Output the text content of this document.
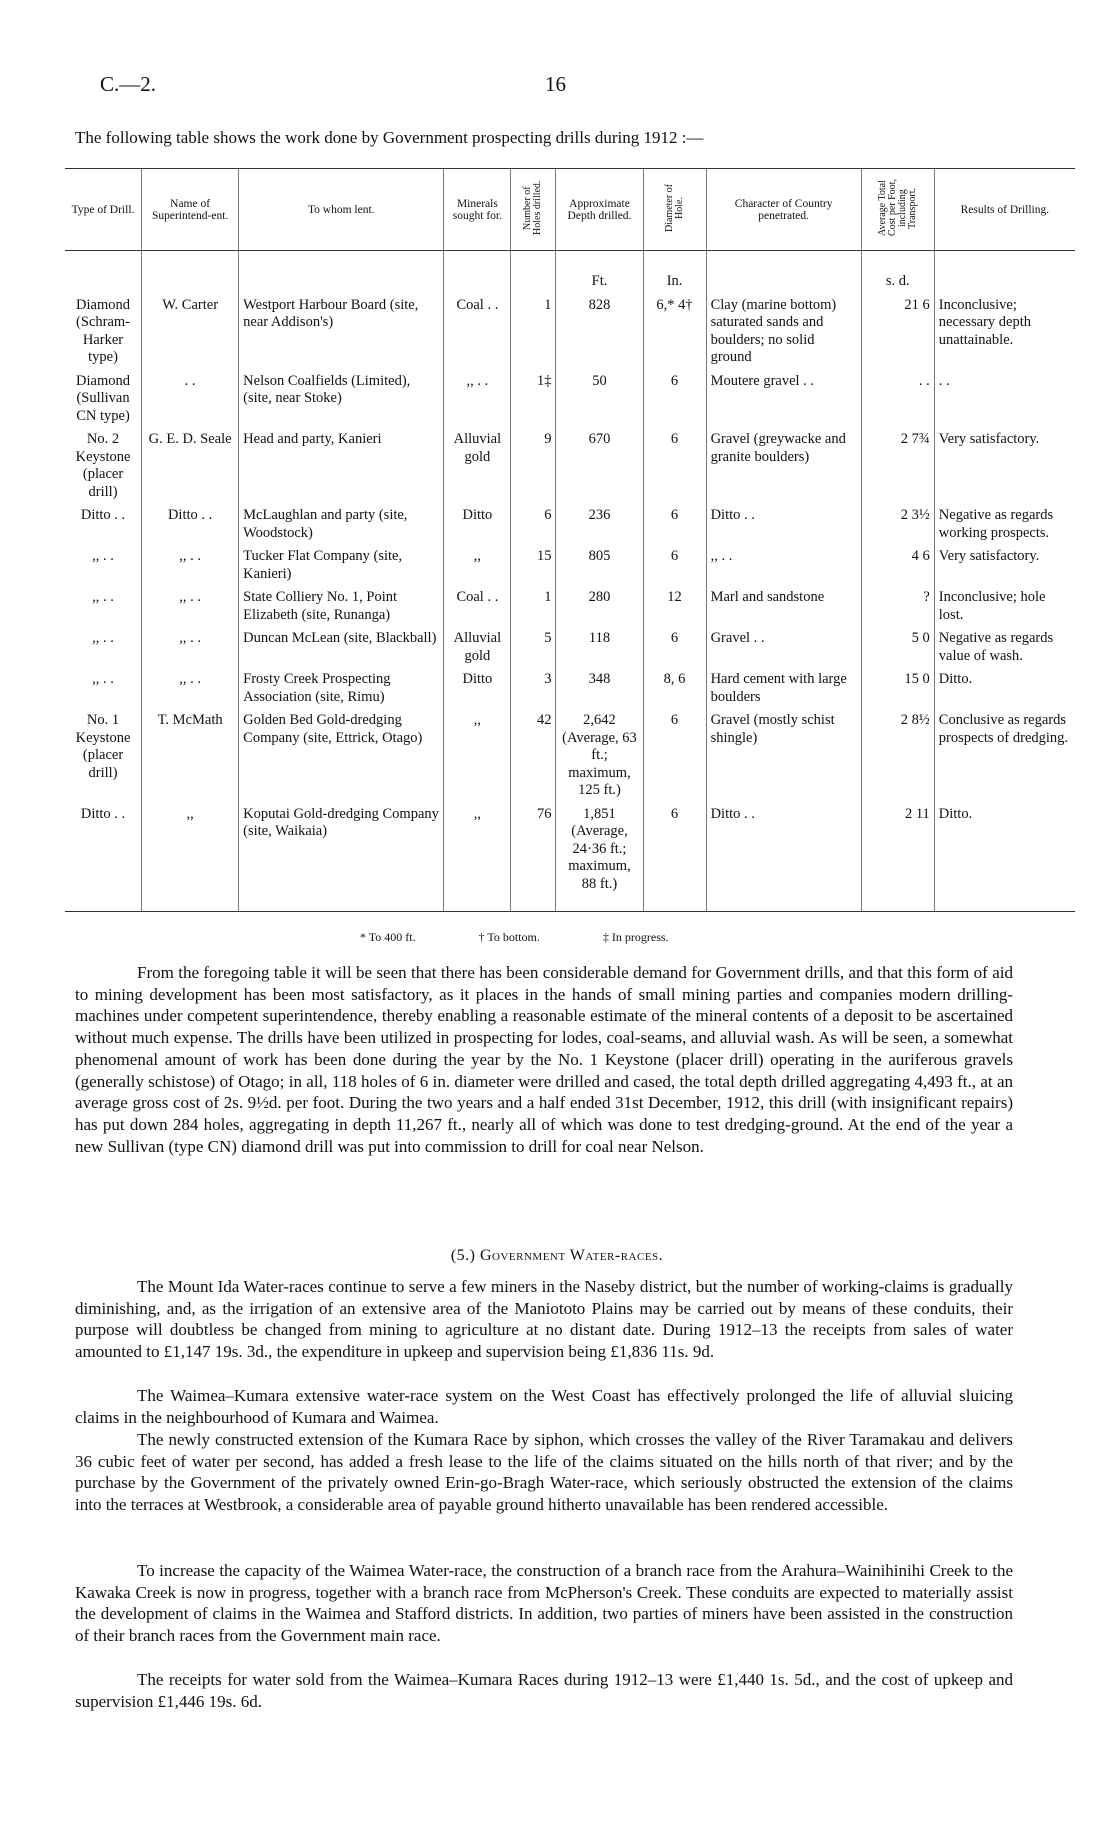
C.—2.	16
The following table shows the work done by Government prospecting drills during 1912 :—
Type of Drill.	Name of Superintend-ent.	To whom lent.	Minerals sought for.	Number of Holes drilled.	Approximate Depth drilled.	Diameter of Hole.	Character of Country penetrated.	Average Total Cost per Foot, including Transport.	Results of Drilling.
					Ft.	In.		s. d.	
Diamond (Schram-Harker type)	W. Carter	Westport Harbour Board (site, near Addison's)	Coal . .	1	828	6,* 4†	Clay (marine bottom) saturated sands and boulders; no solid ground	21 6	Inconclusive; necessary depth unattainable.
Diamond (Sullivan CN type)	. .	Nelson Coalfields (Limited), (site, near Stoke)	,, . .	1‡	50	6	Moutere gravel . .	. .	. .
No. 2 Keystone (placer drill)	G. E. D. Seale	Head and party, Kanieri	Alluvial gold	9	670	6	Gravel (greywacke and granite boulders)	2 7¾	Very satisfactory.
Ditto . .	Ditto . .	McLaughlan and party (site, Woodstock)	Ditto	6	236	6	Ditto . .	2 3½	Negative as regards working prospects.
,, . .	,, . .	Tucker Flat Company (site, Kanieri)	,,	15	805	6	,, . .	4 6	Very satisfactory.
,, . .	,, . .	State Colliery No. 1, Point Elizabeth (site, Runanga)	Coal . .	1	280	12	Marl and sandstone	?	Inconclusive; hole lost.
,, . .	,, . .	Duncan McLean (site, Blackball)	Alluvial gold	5	118	6	Gravel . .	5 0	Negative as regards value of wash.
,, . .	,, . .	Frosty Creek Prospecting Association (site, Rimu)	Ditto	3	348	8, 6	Hard cement with large boulders	15 0	Ditto.
No. 1 Keystone (placer drill)	T. McMath	Golden Bed Gold-dredging Company (site, Ettrick, Otago)	,,	42	2,642 (Average, 63 ft.; maximum, 125 ft.)	6	Gravel (mostly schist shingle)	2 8½	Conclusive as regards prospects of dredging.
Ditto . .	,,	Koputai Gold-dredging Company (site, Waikaia)	,,	76	1,851 (Average, 24·36 ft.; maximum, 88 ft.)	6	Ditto . .	2 11	Ditto.
* To 400 ft.	† To bottom.	‡ In progress.

From the foregoing table it will be seen that there has been considerable demand for Government drills, and that this form of aid to mining development has been most satisfactory, as it places in the hands of small mining parties and companies modern drilling-machines under competent superintendence, thereby enabling a reasonable estimate of the mineral contents of a deposit to be ascertained without much expense. The drills have been utilized in prospecting for lodes, coal-seams, and alluvial wash. As will be seen, a somewhat phenomenal amount of work has been done during the year by the No. 1 Keystone (placer drill) operating in the auriferous gravels (generally schistose) of Otago; in all, 118 holes of 6 in. diameter were drilled and cased, the total depth drilled aggregating 4,493 ft., at an average gross cost of 2s. 9½d. per foot. During the two years and a half ended 31st December, 1912, this drill (with insignificant repairs) has put down 284 holes, aggregating in depth 11,267 ft., nearly all of which was done to test dredging-ground. At the end of the year a new Sullivan (type CN) diamond drill was put into commission to drill for coal near Nelson.

(5.) Government Water-races.

The Mount Ida Water-races continue to serve a few miners in the Naseby district, but the number of working-claims is gradually diminishing, and, as the irrigation of an extensive area of the Maniototo Plains may be carried out by means of these conduits, their purpose will doubtless be changed from mining to agriculture at no distant date. During 1912–13 the receipts from sales of water amounted to £1,147 19s. 3d., the expenditure in upkeep and supervision being £1,836 11s. 9d.

The Waimea–Kumara extensive water-race system on the West Coast has effectively prolonged the life of alluvial sluicing claims in the neighbourhood of Kumara and Waimea.

The newly constructed extension of the Kumara Race by siphon, which crosses the valley of the River Taramakau and delivers 36 cubic feet of water per second, has added a fresh lease to the life of the claims situated on the hills north of that river; and by the purchase by the Government of the privately owned Erin-go-Bragh Water-race, which seriously obstructed the extension of the claims into the terraces at Westbrook, a considerable area of payable ground hitherto unavailable has been rendered accessible.

To increase the capacity of the Waimea Water-race, the construction of a branch race from the Arahura–Wainihinihi Creek to the Kawaka Creek is now in progress, together with a branch race from McPherson's Creek. These conduits are expected to materially assist the development of claims in the Waimea and Stafford districts. In addition, two parties of miners have been assisted in the construction of their branch races from the Government main race.

The receipts for water sold from the Waimea–Kumara Races during 1912–13 were £1,440 1s. 5d., and the cost of upkeep and supervision £1,446 19s. 6d.
